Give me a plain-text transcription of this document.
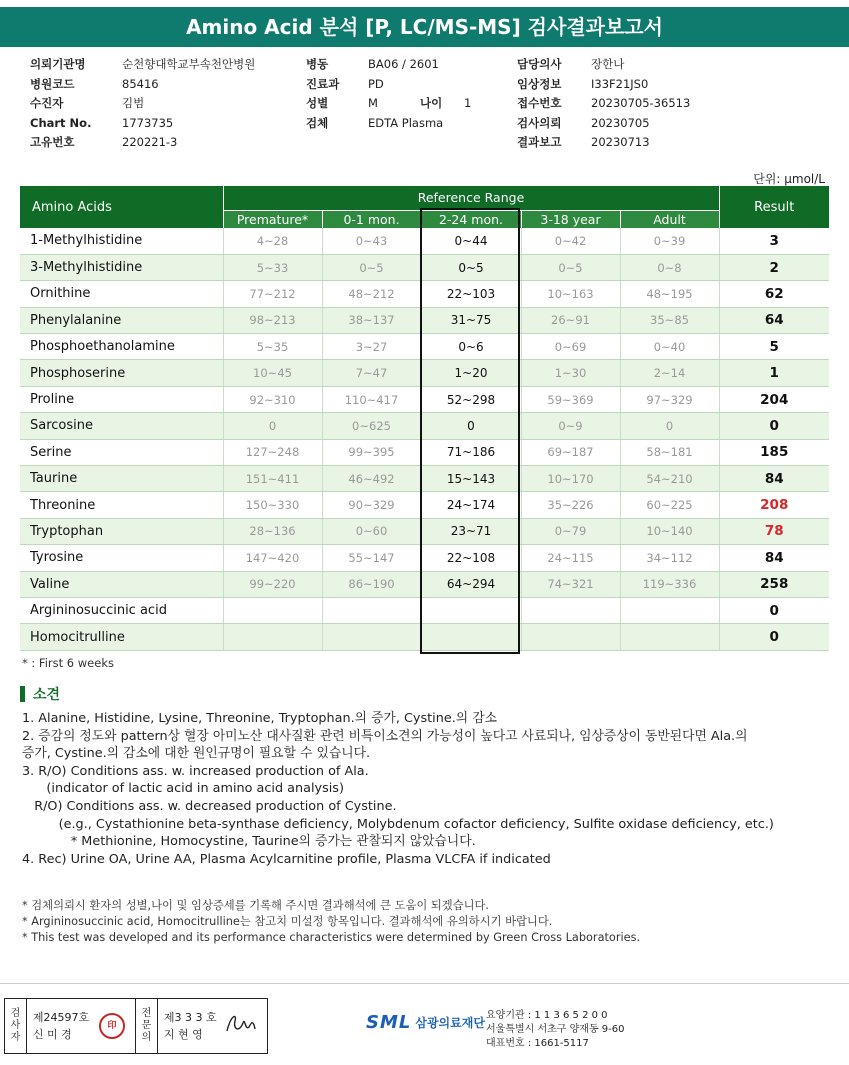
Amino Acid 분석 [P, LC/MS-MS] 검사결과보고서
의뢰기관명	순천향대학교부속천안병원
병원코드	85416
수진자	김범
Chart No.	1773735
고유번호	220221-3
병동	BA06 / 2601
진료과	PD
성별	M	나이	1
검체	EDTA Plasma
담당의사	장한나
임상정보	I33F21JS0
접수번호	20230705-36513
검사의뢰	20230705
결과보고	20230713
단위: μmol/L
Amino Acids	Reference Range					Result
	Premature*	0-1 mon.	2-24 mon.	3-18 year	Adult	
1-Methylhistidine	4~28	0~43	0~44	0~42	0~39	3
3-Methylhistidine	5~33	0~5	0~5	0~5	0~8	2
Ornithine	77~212	48~212	22~103	10~163	48~195	62
Phenylalanine	98~213	38~137	31~75	26~91	35~85	64
Phosphoethanolamine	5~35	3~27	0~6	0~69	0~40	5
Phosphoserine	10~45	7~47	1~20	1~30	2~14	1
Proline	92~310	110~417	52~298	59~369	97~329	204
Sarcosine	0	0~625	0	0~9	0	0
Serine	127~248	99~395	71~186	69~187	58~181	185
Taurine	151~411	46~492	15~143	10~170	54~210	84
Threonine	150~330	90~329	24~174	35~226	60~225	208
Tryptophan	28~136	0~60	23~71	0~79	10~140	78
Tyrosine	147~420	55~147	22~108	24~115	34~112	84
Valine	99~220	86~190	64~294	74~321	119~336	258
Argininosuccinic acid						0
Homocitrulline						0
* : First 6 weeks
소견
1. Alanine, Histidine, Lysine, Threonine, Tryptophan.의 증가, Cystine.의 감소
2. 증감의 정도와 pattern상 혈장 아미노산 대사질환 관련 비특이소견의 가능성이 높다고 사료되나, 임상증상이 동반된다면 Ala.의
증가, Cystine.의 감소에 대한 원인규명이 필요할 수 있습니다.
3. R/O) Conditions ass. w. increased production of Ala.
(indicator of lactic acid in amino acid analysis)
R/O) Conditions ass. w. decreased production of Cystine.
(e.g., Cystathionine beta-synthase deficiency, Molybdenum cofactor deficiency, Sulfite oxidase deficiency, etc.)
* Methionine, Homocystine, Taurine의 증가는 관찰되지 않았습니다.
4. Rec) Urine OA, Urine AA, Plasma Acylcarnitine profile, Plasma VLCFA if indicated
* 검체의뢰시 환자의 성별,나이 및 임상증세를 기록해 주시면 결과해석에 큰 도움이 되겠습니다.
* Argininosuccinic acid, Homocitrulline는 참고치 미설정 항목입니다. 결과해석에 유의하시기 바랍니다.
* This test was developed and its performance characteristics were determined by Green Cross Laboratories.
검
사
자
제24597호
신 미 경
印
전
문
의
제3 3 3 호
지 현 영
SML 삼광의료재단
요양기관 : 1 1 3 6 5 2 0 0
서울특별시 서초구 양재동 9-60
대표번호 : 1661-5117
